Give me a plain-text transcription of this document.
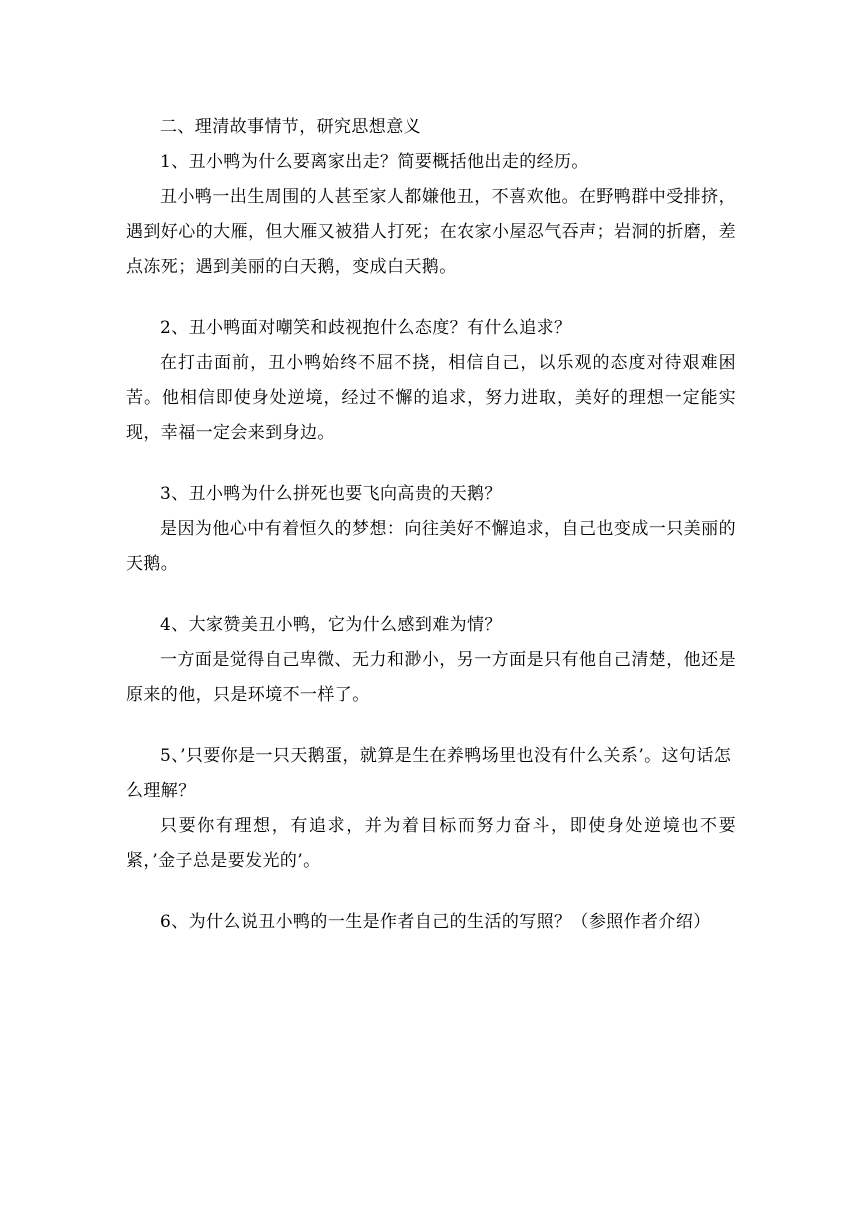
二、理清故事情节，研究思想意义

1、丑小鸭为什么要离家出走？简要概括他出走的经历。

丑小鸭一出生周围的人甚至家人都嫌他丑，不喜欢他。在野鸭群中受排挤，遇到好心的大雁，但大雁又被猎人打死；在农家小屋忍气吞声；岩洞的折磨，差点冻死；遇到美丽的白天鹅，变成白天鹅。

2、丑小鸭面对嘲笑和歧视抱什么态度？有什么追求？

在打击面前，丑小鸭始终不屈不挠，相信自己，以乐观的态度对待艰难困苦。他相信即使身处逆境，经过不懈的追求，努力进取，美好的理想一定能实现，幸福一定会来到身边。

3、丑小鸭为什么拼死也要飞向高贵的天鹅？

是因为他心中有着恒久的梦想：向往美好不懈追求，自己也变成一只美丽的天鹅。

4、大家赞美丑小鸭，它为什么感到难为情？

一方面是觉得自己卑微、无力和渺小，另一方面是只有他自己清楚，他还是原来的他，只是环境不一样了。

5、’只要你是一只天鹅蛋，就算是生在养鸭场里也没有什么关系’。这句话怎么理解？

只要你有理想，有追求，并为着目标而努力奋斗，即使身处逆境也不要紧，’金子总是要发光的’。

6、为什么说丑小鸭的一生是作者自己的生活的写照？（参照作者介绍）
